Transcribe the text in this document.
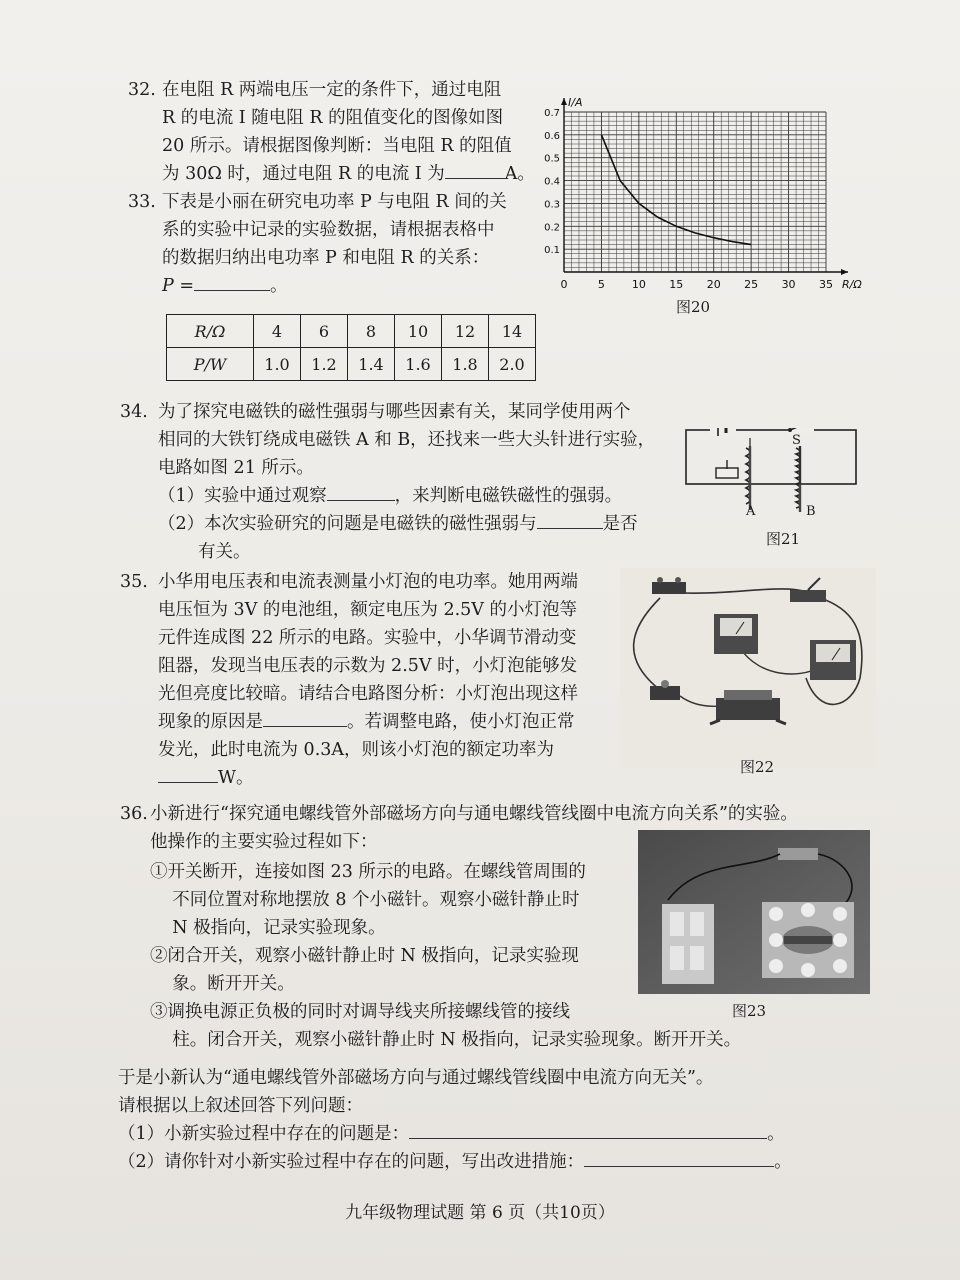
32. 在电阻 R 两端电压一定的条件下，通过电阻
R 的电流 I 随电阻 R 的阻值变化的图像如图
20 所示。请根据图像判断：当电阻 R 的阻值
为 30Ω 时，通过电阻 R 的电流 I 为	A。
0	5 10 15 20 25 30 35
0.1
0.2
0.3
0.4
0.5
0.6
0.7
R/Ω
I/A
图20
33. 下表是小丽在研究电功率 P 与电阻 R 间的关
系的实验中记录的实验数据，请根据表格中
的数据归纳出电功率 P 和电阻 R 的关系：
P =	。
R/Ω	4	6	8	10	12	14
P/W	1.0	1.2	1.4	1.6	1.8	2.0
34. 为了探究电磁铁的磁性强弱与哪些因素有关，某同学使用两个
相同的大铁钉绕成电磁铁 A 和 B，还找来一些大头针进行实验，
电路如图 21 所示。
（1）实验中通过观察	，来判断电磁铁磁性的强弱。
（2）本次实验研究的问题是电磁铁的磁性强弱与	是否
有关。
S
A	B
图21
35. 小华用电压表和电流表测量小灯泡的电功率。她用两端
电压恒为 3V 的电池组，额定电压为 2.5V 的小灯泡等
元件连成图 22 所示的电路。实验中，小华调节滑动变
阻器，发现当电压表的示数为 2.5V 时，小灯泡能够发
光但亮度比较暗。请结合电路图分析：小灯泡出现这样
现象的原因是	。若调整电路，使小灯泡正常
发光，此时电流为 0.3A，则该小灯泡的额定功率为
W。
图22
36. 小新进行“探究通电螺线管外部磁场方向与通电螺线管线圈中电流方向关系”的实验。
他操作的主要实验过程如下：
①开关断开，连接如图 23 所示的电路。在螺线管周围的
不同位置对称地摆放 8 个小磁针。观察小磁针静止时
N 极指向，记录实验现象。
②闭合开关，观察小磁针静止时 N 极指向，记录实验现
象。断开开关。
③调换电源正负极的同时对调导线夹所接螺线管的接线
柱。闭合开关，观察小磁针静止时 N 极指向，记录实验现象。断开开关。
图23
于是小新认为“通电螺线管外部磁场方向与通过螺线管线圈中电流方向无关”。
请根据以上叙述回答下列问题：
（1）小新实验过程中存在的问题是：	。
（2）请你针对小新实验过程中存在的问题，写出改进措施：	。
九年级物理试题 第 6 页（共10页）
